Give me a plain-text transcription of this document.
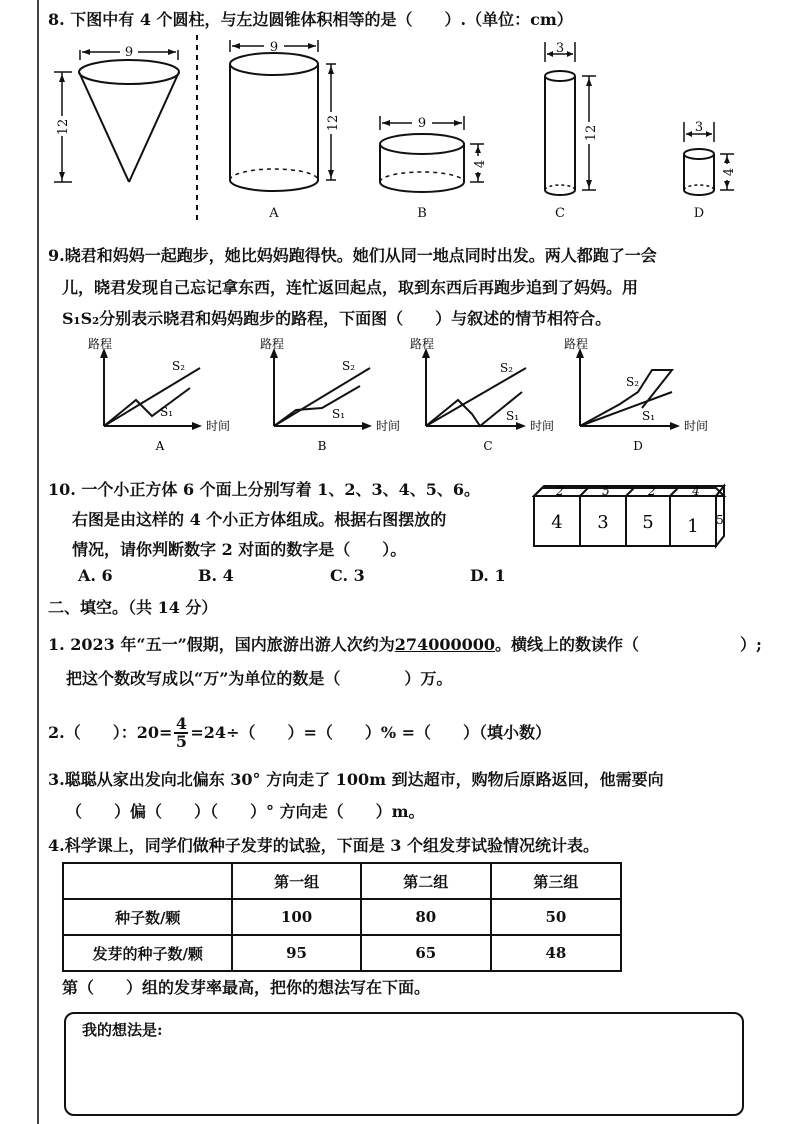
8. 下图中有 4 个圆柱，与左边圆锥体积相等的是（　　）.（单位：cm）
9
12
9
12
A
9
4
B
3
12
C
3
4
D
9.晓君和妈妈一起跑步，她比妈妈跑得快。她们从同一地点同时出发。两人都跑了一会
儿，晓君发现自己忘记拿东西，连忙返回起点，取到东西后再跑步追到了妈妈。用
S₁S₂分别表示晓君和妈妈跑步的路程，下面图（　　）与叙述的情节相符合。
路程
时间
S₂
S₁
A
路程
时间
S₂
S₁
B
路程
时间
S₂
S₁
C
路程
时间
S₂
S₁
D
10. 一个小正方体 6 个面上分别写着 1、2、3、4、5、6。
右图是由这样的 4 个小正方体组成。根据右图摆放的
情况，请你判断数字 2 对面的数字是（　　）。
A. 6	B. 4	C. 3	D. 1
2	5	2	4
4 3 5 1 5
二、填空。（共 14 分）
1. 2023 年“五一”假期，国内旅游出游人次约为274000000。横线上的数读作（	）;
把这个数改写成以“万”为单位的数是（　　　　）万。
2.（　　）：20= 4
5 =24÷（　　）=（　　）% =（　　）（填小数）
3.聪聪从家出发向北偏东 30° 方向走了 100m 到达超市，购物后原路返回，他需要向
（　　）偏（　　）（　　）° 方向走（　　）m。
4.科学课上，同学们做种子发芽的试验，下面是 3 个组发芽试验情况统计表。
	第一组	第二组	第三组
种子数/颗	100	80	50
发芽的种子数/颗	95	65	48
第（　　）组的发芽率最高，把你的想法写在下面。
我的想法是:
